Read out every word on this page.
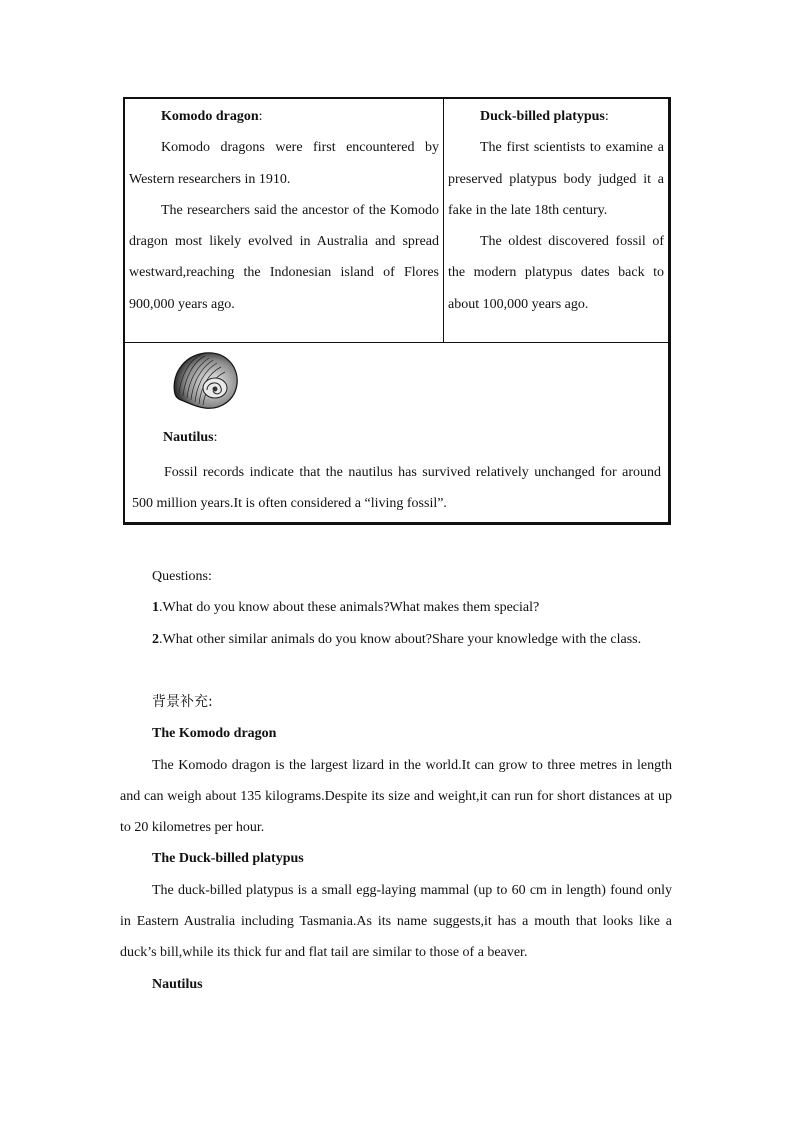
Komodo dragon:

Komodo dragons were first encountered by Western researchers in 1910.

The researchers said the ancestor of the Komodo dragon most likely evolved in Australia and spread westward,reaching the Indonesian island of Flores 900,000 years ago.

Duck-billed platypus:

The first scientists to examine a preserved platypus body judged it a fake in the late 18th century.

The oldest discovered fossil of the modern platypus dates back to about 100,000 years ago.

Nautilus:
Fossil records indicate that the nautilus has survived relatively unchanged for around 500 million years.It is often considered a “living fossil”.

Questions:

1.What do you know about these animals?What makes them special?

2.What other similar animals do you know about?Share your knowledge with the class.

背景补充:

The Komodo dragon

The Komodo dragon is the largest lizard in the world.It can grow to three metres in length and can weigh about 135 kilograms.Despite its size and weight,it can run for short distances at up to 20 kilometres per hour.

The Duck-billed platypus

The duck-billed platypus is a small egg-laying mammal (up to 60 cm in length) found only in Eastern Australia including Tasmania.As its name suggests,it has a mouth that looks like a duck’s bill,while its thick fur and flat tail are similar to those of a beaver.

Nautilus
